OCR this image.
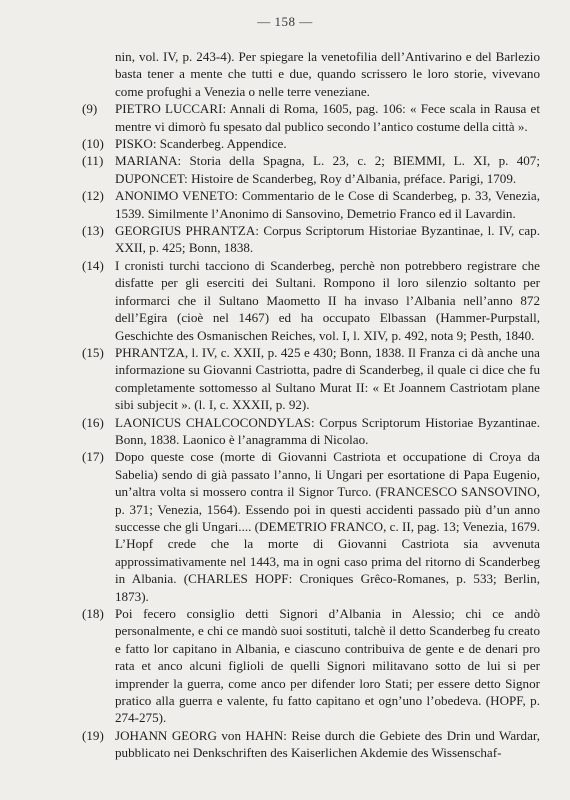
— 158 —

nin, vol. IV, p. 243-4). Per spiegare la venetofilia dell’Antivarino e del Barlezio basta tener a mente che tutti e due, quando scrissero le loro storie, vivevano come profughi a Venezia o nelle terre veneziane.

(9) PIETRO LUCCARI: Annali di Roma, 1605, pag. 106: « Fece scala in Rausa et mentre vi dimorò fu spesato dal publico secondo l’antico costume della città ».

(10) PISKO: Scanderbeg. Appendice.

(11) MARIANA: Storia della Spagna, L. 23, c. 2; BIEMMI, L. XI, p. 407; DUPONCET: Histoire de Scanderbeg, Roy d’Albania, préface. Parigi, 1709.

(12) ANONIMO VENETO: Commentario de le Cose di Scanderbeg, p. 33, Venezia, 1539. Similmente l’Anonimo di Sansovino, Demetrio Franco ed il Lavardin.

(13) GEORGIUS PHRANTZA: Corpus Scriptorum Historiae Byzantinae, l. IV, cap. XXII, p. 425; Bonn, 1838.

(14) I cronisti turchi tacciono di Scanderbeg, perchè non potrebbero registrare che disfatte per gli eserciti dei Sultani. Rompono il loro silenzio soltanto per informarci che il Sultano Maometto II ha invaso l’Albania nell’anno 872 dell’Egira (cioè nel 1467) ed ha occupato Elbassan (Hammer-Purpstall, Geschichte des Osmanischen Reiches, vol. I, l. XIV, p. 492, nota 9; Pesth, 1840.

(15) PHRANTZA, l. IV, c. XXII, p. 425 e 430; Bonn, 1838. Il Franza ci dà anche una informazione su Giovanni Castriotta, padre di Scanderbeg, il quale ci dice che fu completamente sottomesso al Sultano Murat II: « Et Joannem Castriotam plane sibi subjecit ». (l. I, c. XXXII, p. 92).

(16) LAONICUS CHALCOCONDYLAS: Corpus Scriptorum Historiae Byzantinae. Bonn, 1838. Laonico è l’anagramma di Nicolao.

(17) Dopo queste cose (morte di Giovanni Castriota et occupatione di Croya da Sabelia) sendo di già passato l’anno, li Ungari per esortatione di Papa Eugenio, un’altra volta si mossero contra il Signor Turco. (FRANCESCO SANSOVINO, p. 371; Venezia, 1564). Essendo poi in questi accidenti passado più d’un anno successe che gli Ungari.... (DEMETRIO FRANCO, c. II, pag. 13; Venezia, 1679. L’Hopf crede che la morte di Giovanni Castriota sia avvenuta approssimativamente nel 1443, ma in ogni caso prima del ritorno di Scanderbeg in Albania. (CHARLES HOPF: Croniques Grêco-Romanes, p. 533; Berlin, 1873).

(18) Poi fecero consiglio detti Signori d’Albania in Alessio; chi ce andò personalmente, e chi ce mandò suoi sostituti, talchè il detto Scanderbeg fu creato e fatto lor capitano in Albania, e ciascuno contribuiva de gente e de denari pro rata et anco alcuni figlioli de quelli Signori militavano sotto de lui si per imprender la guerra, come anco per difender loro Stati; per essere detto Signor pratico alla guerra e valente, fu fatto capitano et ogn’uno l’obedeva. (HOPF, p. 274-275).

(19) JOHANN GEORG von HAHN: Reise durch die Gebiete des Drin und Wardar, pubblicato nei Denkschriften des Kaiserlichen Akdemie des Wissenschaf-
